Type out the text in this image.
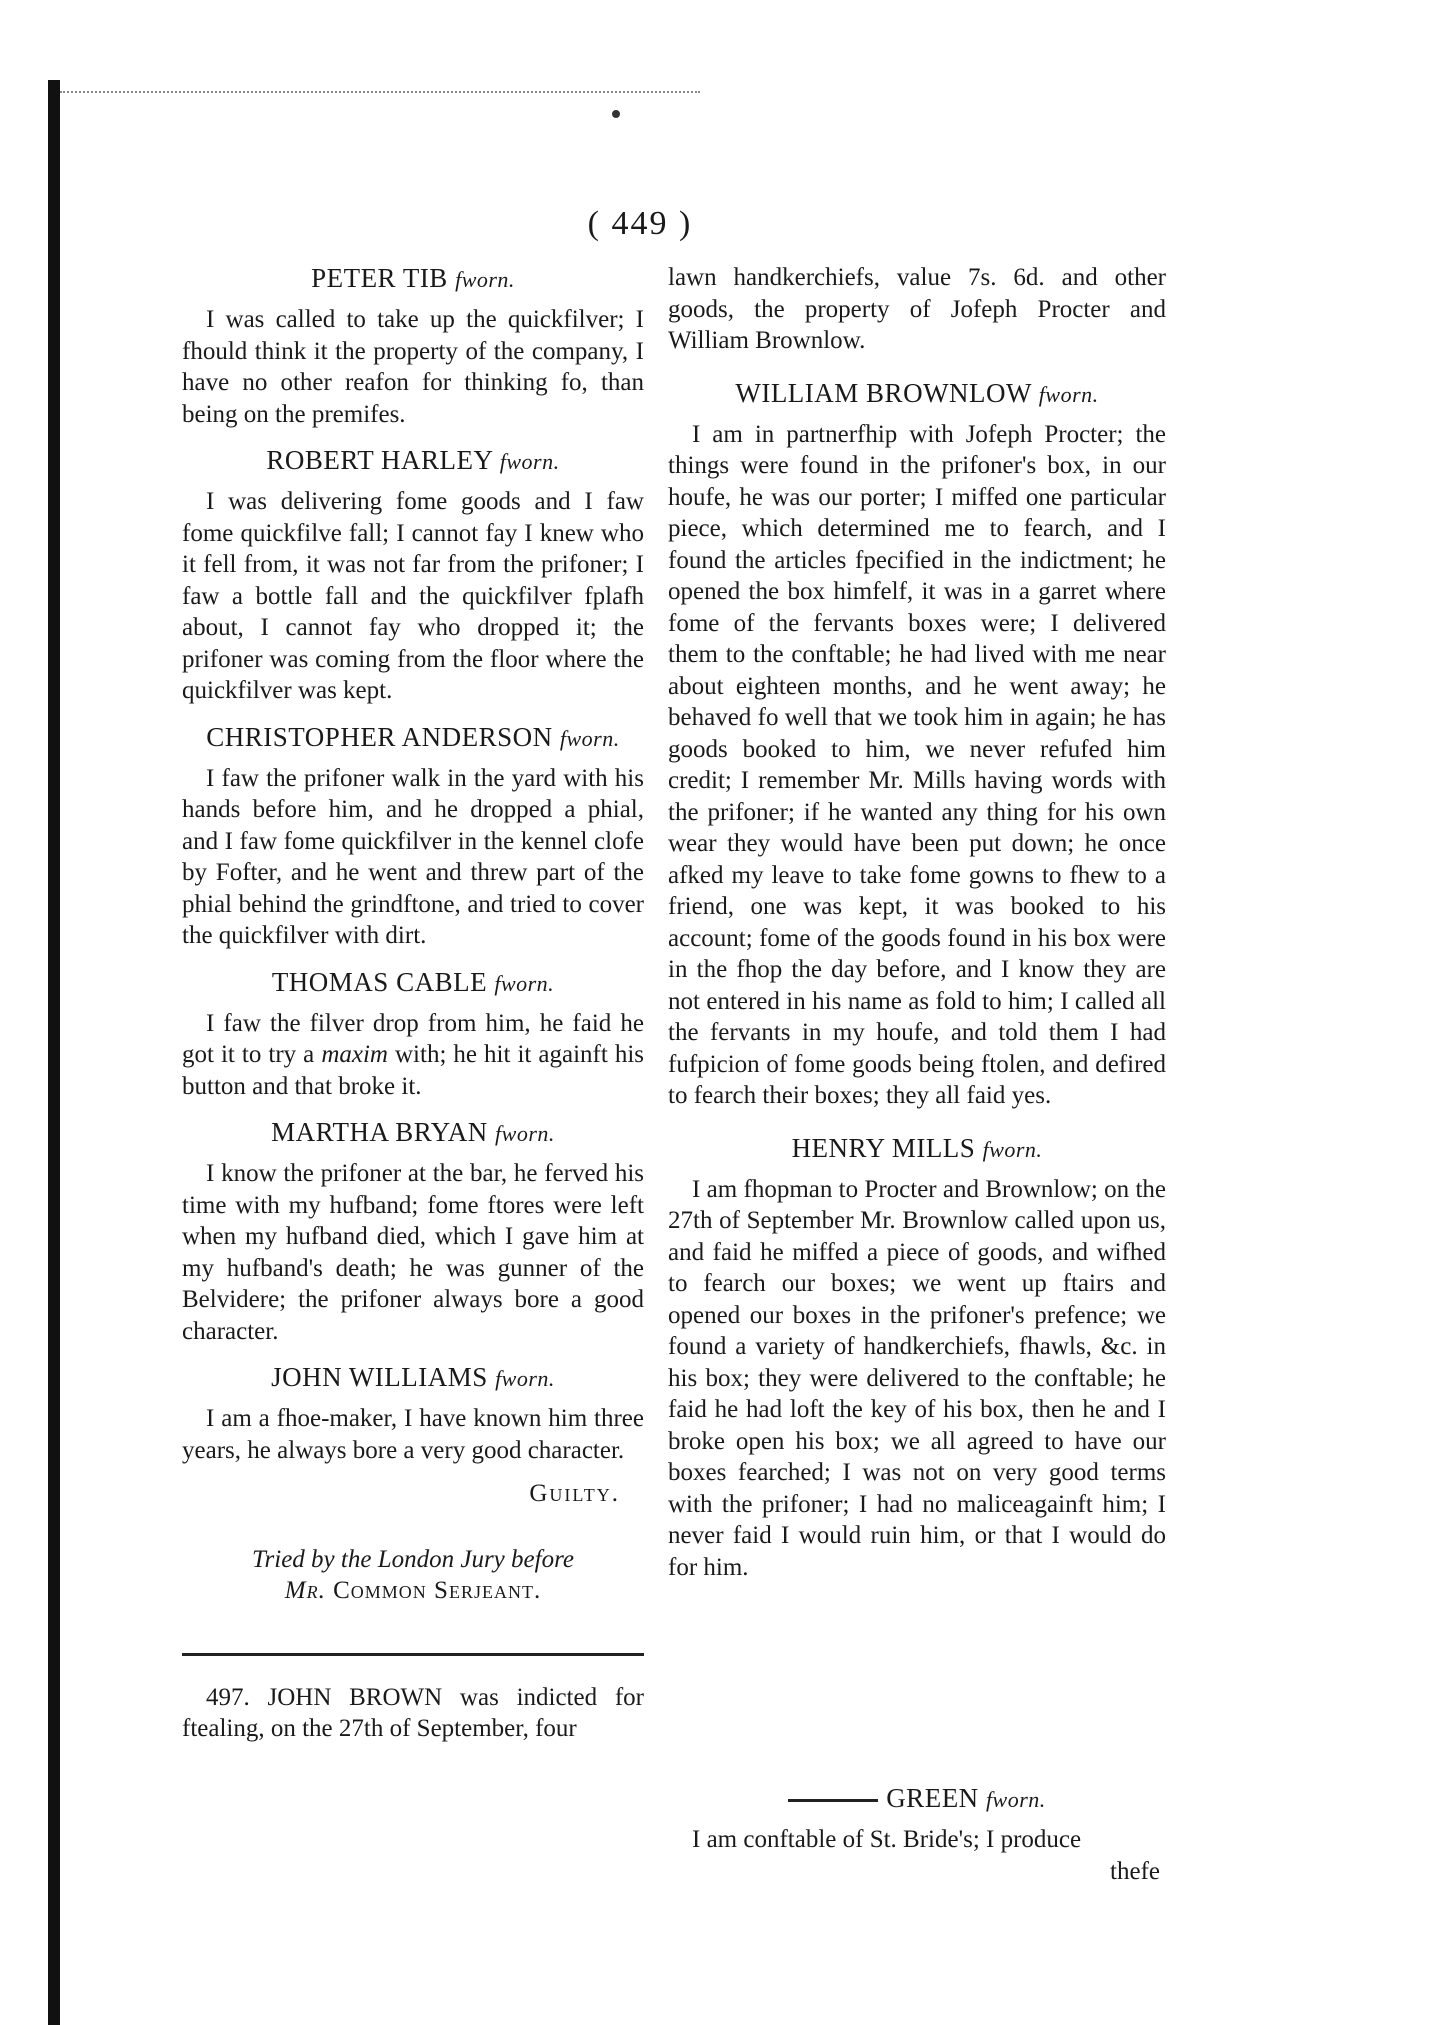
( 449 )
PETER TIB fworn.

I was called to take up the quickfilver; I fhould think it the property of the company, I have no other reafon for thinking fo, than being on the premifes.

ROBERT HARLEY fworn.

I was delivering fome goods and I faw fome quickfilve fall; I cannot fay I knew who it fell from, it was not far from the prifoner; I faw a bottle fall and the quickfilver fplafh about, I cannot fay who dropped it; the prifoner was coming from the floor where the quickfilver was kept.

CHRISTOPHER ANDERSON fworn.

I faw the prifoner walk in the yard with his hands before him, and he dropped a phial, and I faw fome quickfilver in the kennel clofe by Fofter, and he went and threw part of the phial behind the grindftone, and tried to cover the quickfilver with dirt.

THOMAS CABLE fworn.

I faw the filver drop from him, he faid he got it to try a maxim with; he hit it againft his button and that broke it.

MARTHA BRYAN fworn.

I know the prifoner at the bar, he ferved his time with my hufband; fome ftores were left when my hufband died, which I gave him at my hufband's death; he was gunner of the Belvidere; the prifoner always bore a good character.

JOHN WILLIAMS fworn.

I am a fhoe-maker, I have known him three years, he always bore a very good character.

Guilty.
Tried by the London Jury before
Mr. Common Serjeant.

497. JOHN BROWN was indicted for ftealing, on the 27th of September, four

lawn handkerchiefs, value 7s. 6d. and other goods, the property of Jofeph Procter and William Brownlow.

WILLIAM BROWNLOW fworn.

I am in partnerfhip with Jofeph Procter; the things were found in the prifoner's box, in our houfe, he was our porter; I miffed one particular piece, which determined me to fearch, and I found the articles fpecified in the indictment; he opened the box himfelf, it was in a garret where fome of the fervants boxes were; I delivered them to the conftable; he had lived with me near about eighteen months, and he went away; he behaved fo well that we took him in again; he has goods booked to him, we never refufed him credit; I remember Mr. Mills having words with the prifoner; if he wanted any thing for his own wear they would have been put down; he once afked my leave to take fome gowns to fhew to a friend, one was kept, it was booked to his account; fome of the goods found in his box were in the fhop the day before, and I know they are not entered in his name as fold to him; I called all the fervants in my houfe, and told them I had fufpicion of fome goods being ftolen, and defired to fearch their boxes; they all faid yes.

HENRY MILLS fworn.

I am fhopman to Procter and Brownlow; on the 27th of September Mr. Brownlow called upon us, and faid he miffed a piece of goods, and wifhed to fearch our boxes; we went up ftairs and opened our boxes in the prifoner's prefence; we found a variety of handkerchiefs, fhawls, &c. in his box; they were delivered to the conftable; he faid he had loft the key of his box, then he and I broke open his box; we all agreed to have our boxes fearched; I was not on very good terms with the prifoner; I had no maliceagainft him; I never faid I would ruin him, or that I would do for him.

GREEN fworn.

I am conftable of St. Bride's; I produce

thefe
